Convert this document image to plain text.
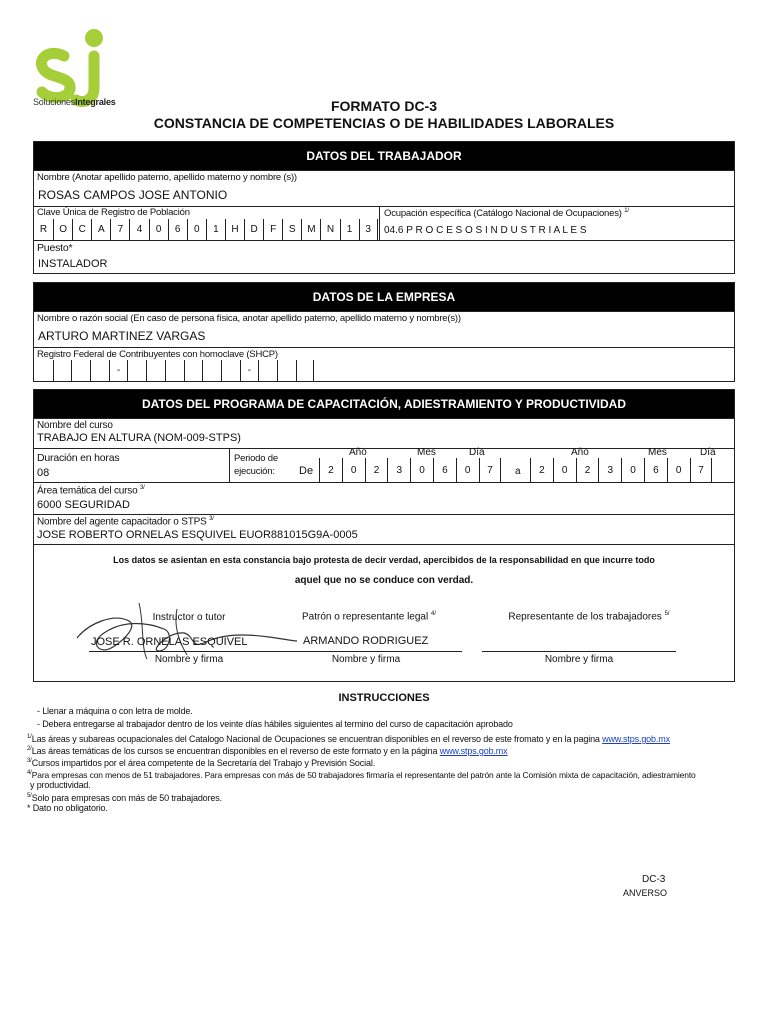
SolucionesIntegrales	FORMATO DC-3
CONSTANCIA DE COMPETENCIAS O DE HABILIDADES LABORALES
DATOS DEL TRABAJADOR
Nombre (Anotar apellido paterno, apellido materno y nombre (s))
ROSAS CAMPOS JOSE ANTONIO
Clave Única de Registro de Población
R	O	C	A	7	4	0	6	0	1	H	D	F	S	M	N	1	3
Ocupación específica (Catálogo Nacional de Ocupaciones) $^{1/}$
04.6 P R O C E S O S I N D U S T R I A L E S
Puesto*
INSTALADOR
DATOS DE LA EMPRESA
Nombre o razón social (En caso de persona física, anotar apellido paterno, apellido materno y nombre(s))
ARTURO MARTINEZ VARGAS
Registro Federal de Contribuyentes con homoclave (SHCP)
-	-
DATOS DEL PROGRAMA DE CAPACITACIÓN, ADIESTRAMIENTO Y PRODUCTIVIDAD
Nombre del curso
TRABAJO EN ALTURA (NOM-009-STPS)
Duración en horas
08
Periodo de
ejecución: De
Año	Mes	Día
2	0	2	3	0	6	0	7	a
Año	Mes	Día
2	0	2	3	0	6	0	7
Área temática del curso $^{3/}$
6000 SEGURIDAD
Nombre del agente capacitador o STPS $^{3/}$
JOSE ROBERTO ORNELAS ESQUIVEL EUOR881015G9A-0005
Los datos se asientan en esta constancia bajo protesta de decir verdad, apercibidos de la responsabilidad en que incurre todo
aquel que no se conduce con verdad.
Instructor o tutor
JOSE R. ORNELAS ESQUIVEL
Nombre y firma
Patrón o representante legal $^{4/}$
ARMANDO RODRIGUEZ
Nombre y firma
Representante de los trabajadores $^{5/}$
Nombre y firma
INSTRUCCIONES
- Llenar a máquina o con letra de molde.
- Debera entregarse al trabajador dentro de los veinte días hábiles siguientes al termino del curso de capacitación aprobado
$^{1/}$Las áreas y subareas ocupacionales del Catalogo Nacional de Ocupaciones se encuentran disponibles en el reverso de este fromato y en la pagina www.stps.gob.mx
$^{2/}$Las áreas temáticas de los cursos se encuentran disponibles en el reverso de este formato y en la página www.stps.gob.mx
$^{3/}$Cursos impartidos por el área competente de la Secretaría del Trabajo y Previsión Social.
$^{4/}$Para empresas con menos de 51 trabajadores. Para empresas con más de 50 trabajadores firmaría el representante del patrón ante la Comisión mixta de capacitación, adiestramiento
y productividad.
$^{5/}$Solo para empresas con más de 50 trabajadores.
* Dato no obligatorio.
DC-3
ANVERSO
